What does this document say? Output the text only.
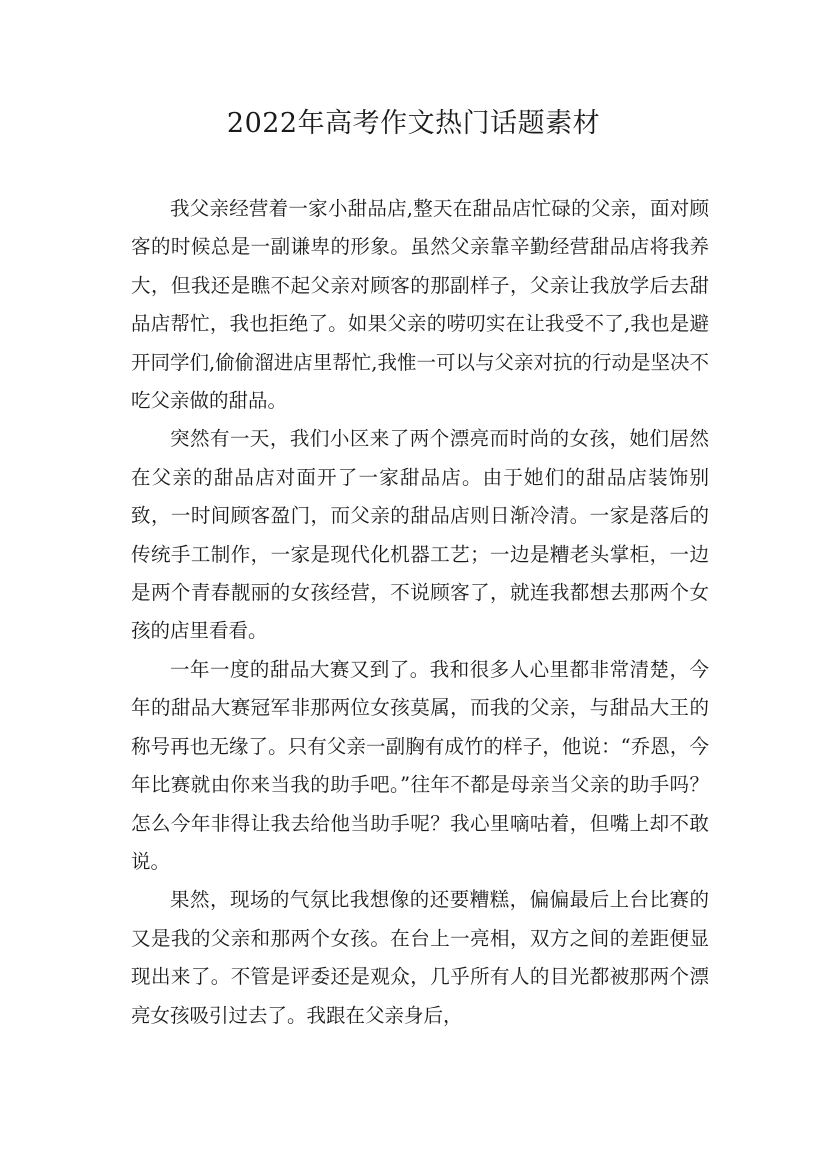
2022年高考作文热门话题素材

我父亲经营着一家小甜品店,整天在甜品店忙碌的父亲，面对顾客的时候总是一副谦卑的形象。虽然父亲靠辛勤经营甜品店将我养大，但我还是瞧不起父亲对顾客的那副样子，父亲让我放学后去甜品店帮忙，我也拒绝了。如果父亲的唠叨实在让我受不了,我也是避开同学们,偷偷溜进店里帮忙,我惟一可以与父亲对抗的行动是坚决不吃父亲做的甜品。

突然有一天，我们小区来了两个漂亮而时尚的女孩，她们居然在父亲的甜品店对面开了一家甜品店。由于她们的甜品店装饰别致，一时间顾客盈门，而父亲的甜品店则日渐冷清。一家是落后的传统手工制作，一家是现代化机器工艺；一边是糟老头掌柜，一边是两个青春靓丽的女孩经营，不说顾客了，就连我都想去那两个女孩的店里看看。

一年一度的甜品大赛又到了。我和很多人心里都非常清楚，今年的甜品大赛冠军非那两位女孩莫属，而我的父亲，与甜品大王的称号再也无缘了。只有父亲一副胸有成竹的样子，他说：“乔恩，今年比赛就由你来当我的助手吧。”往年不都是母亲当父亲的助手吗？怎么今年非得让我去给他当助手呢？我心里嘀咕着，但嘴上却不敢说。

果然，现场的气氛比我想像的还要糟糕，偏偏最后上台比赛的又是我的父亲和那两个女孩。在台上一亮相，双方之间的差距便显现出来了。不管是评委还是观众，几乎所有人的目光都被那两个漂亮女孩吸引过去了。我跟在父亲身后，
